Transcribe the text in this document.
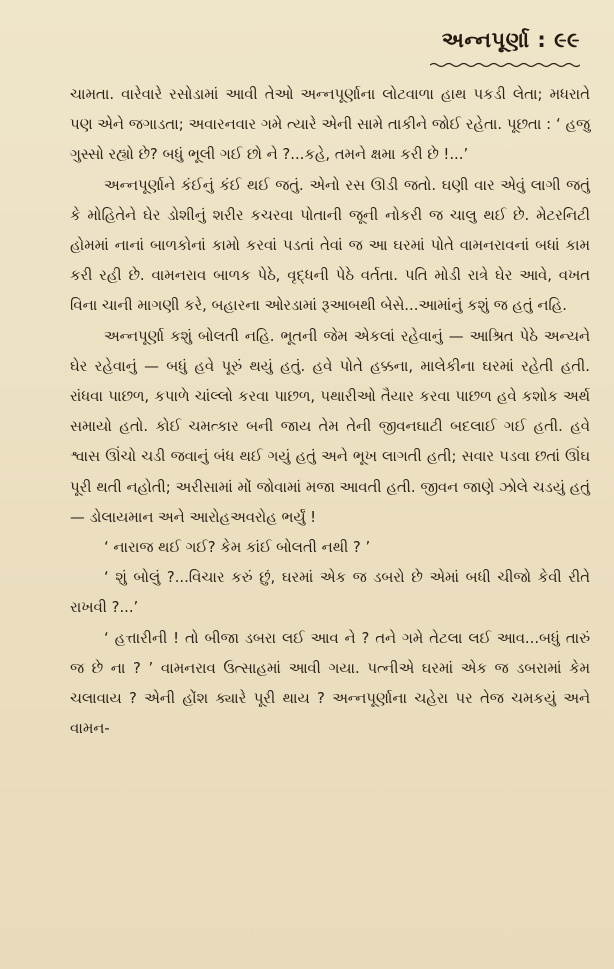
અન્નપૂર્ણા : ૯૯

ચામતા. વારેવારે રસોડામાં આવી તેઓ અન્નપૂર્ણાના લોટવાળા હાથ પકડી લેતા; મધરાતે પણ એને જગાડતા; અવારનવાર ગમે ત્યારે એની સામે તાકીને જોઈ રહેતા. પૂછતા : ‘ હજુ ગુસ્સો રહ્યો છે? બધું ભૂલી ગઈ છો ને ?...કહે, તમને ક્ષમા કરી છે !...’

અન્નપૂર્ણાને કંઈનું કંઈ થઈ જતું. એનો રસ ઊડી જતો. ઘણી વાર એવું લાગી જતું કે મોહિતેને ઘેર ડોશીનું શરીર કચરવા પોતાની જૂની નોકરી જ ચાલુ થઈ છે. મેટરનિટી હોમમાં નાનાં બાળકોનાં કામો કરવાં પડતાં તેવાં જ આ ઘરમાં પોતે વામનરાવનાં બધાં કામ કરી રહી છે. વામનરાવ બાળક પેઠે, વૃદ્ધની પેઠે વર્તતા. પતિ મોડી રાત્રે ઘેર આવે, વખત વિના ચાની માગણી કરે, બહારના ઓરડામાં રૂઆબથી બેસે...આમાંનું કશું જ હતું નહિ.

અન્નપૂર્ણા કશું બોલતી નહિ. ભૂતની જેમ એકલાં રહેવાનું — આશ્રિત પેઠે અન્યને ઘેર રહેવાનું — બધું હવે પૂરું થયું હતું. હવે પોતે હક્કના, માલેકીના ઘરમાં રહેતી હતી. રાંધવા પાછળ, કપાળે ચાંલ્લો કરવા પાછળ, પથારીઓ તૈયાર કરવા પાછળ હવે કશોક અર્થ સમાયો હતો. કોઈ ચમત્કાર બની જાય તેમ તેની જીવનઘાટી બદલાઈ ગઈ હતી. હવે શ્વાસ ઊંચો ચડી જવાનું બંધ થઈ ગયું હતું અને ભૂખ લાગતી હતી; સવાર પડવા છતાં ઊંઘ પૂરી થતી નહોતી; અરીસામાં મોં જોવામાં મજા આવતી હતી. જીવન જાણે ઝોલે ચડયું હતું — ડોલાયમાન અને આરોહઅવરોહ ભર્યું !

‘ નારાજ થઈ ગઈ? કેમ કાંઈ બોલતી નથી ? ’

‘ શું બોલું ?...વિચાર કરું છું, ઘરમાં એક જ ડબરો છે એમાં બધી ચીજો કેવી રીતે રાખવી ?...’

‘ હત્તારીની ! તો બીજા ડબરા લઈ આવ ને ? તને ગમે તેટલા લઈ આવ...બધું તારું જ છે ના ? ’ વામનરાવ ઉત્સાહમાં આવી ગયા. પત્નીએ ઘરમાં એક જ ડબરામાં કેમ ચલાવાય ? એની હોંશ ક્યારે પૂરી થાય ? અન્નપૂર્ણાના ચહેરા પર તેજ ચમકયું અને વામન-
